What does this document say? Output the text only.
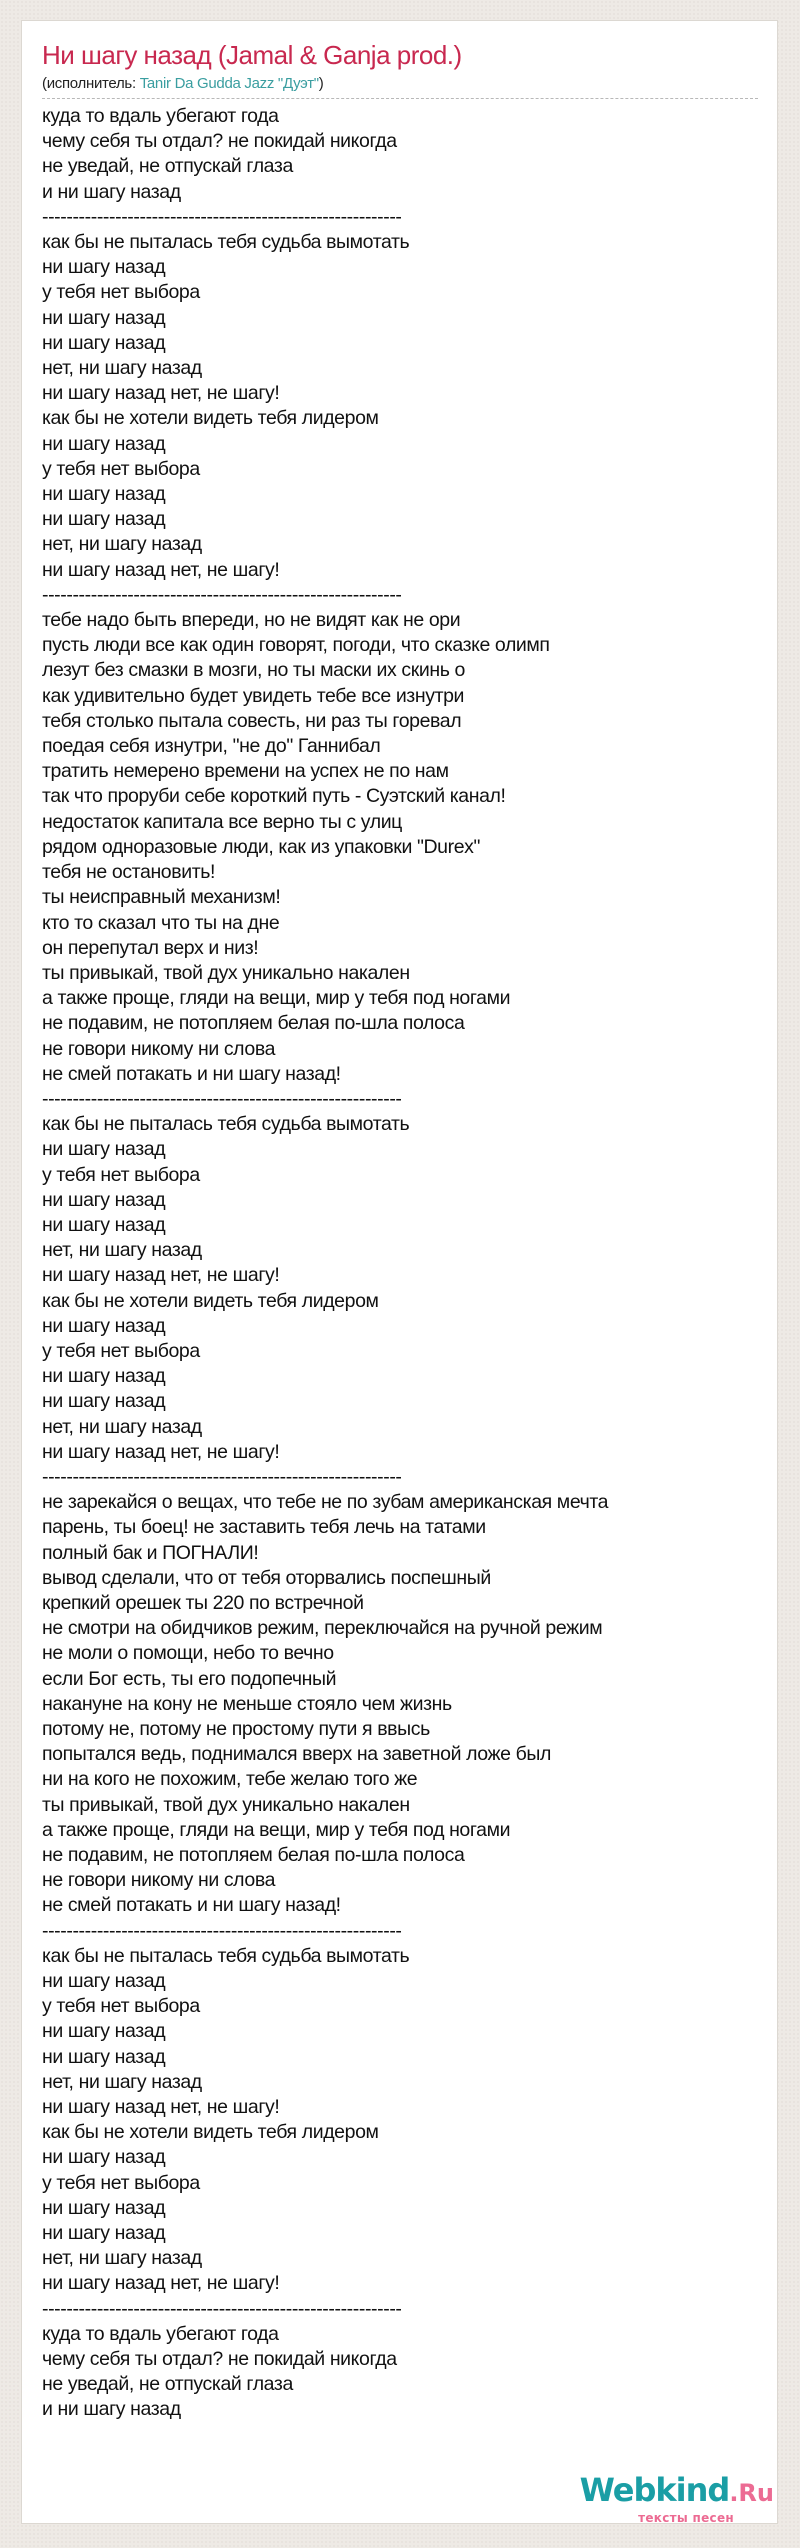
Ни шагу назад (Jamal & Ganja prod.)
(исполнитель: Tanir Da Gudda Jazz "Дуэт")
куда то вдаль убегают года
чему себя ты отдал? не покидай никогда
не уведай, не отпускай глаза
и ни шагу назад
-----------------------------------------------------------
как бы не пыталась тебя судьба вымотать
ни шагу назад
у тебя нет выбора
ни шагу назад
ни шагу назад
нет, ни шагу назад
ни шагу назад нет, не шагу!
как бы не хотели видеть тебя лидером
ни шагу назад
у тебя нет выбора
ни шагу назад
ни шагу назад
нет, ни шагу назад
ни шагу назад нет, не шагу!
-----------------------------------------------------------
тебе надо быть впереди, но не видят как не ори
пусть люди все как один говорят, погоди, что сказке олимп
лезут без смазки в мозги, но ты маски их скинь о
как удивительно будет увидеть тебе все изнутри
тебя столько пытала совесть, ни раз ты горевал
поедая себя изнутри, "не до" Ганнибал
тратить немерено времени на успех не по нам
так что проруби себе короткий путь - Суэтский канал!
недостаток капитала все верно ты с улиц
рядом одноразовые люди, как из упаковки "Durex"
тебя не остановить!
ты неисправный механизм!
кто то сказал что ты на дне
он перепутал верх и низ!
ты привыкай, твой дух уникально накален
а также проще, гляди на вещи, мир у тебя под ногами
не подавим, не потопляем белая по-шла полоса
не говори никому ни слова
не смей потакать и ни шагу назад!
-----------------------------------------------------------
как бы не пыталась тебя судьба вымотать
ни шагу назад
у тебя нет выбора
ни шагу назад
ни шагу назад
нет, ни шагу назад
ни шагу назад нет, не шагу!
как бы не хотели видеть тебя лидером
ни шагу назад
у тебя нет выбора
ни шагу назад
ни шагу назад
нет, ни шагу назад
ни шагу назад нет, не шагу!
-----------------------------------------------------------
не зарекайся о вещах, что тебе не по зубам американская мечта
парень, ты боец! не заставить тебя лечь на татами
полный бак и ПОГНАЛИ!
вывод сделали, что от тебя оторвались поспешный
крепкий орешек ты 220 по встречной
не смотри на обидчиков режим, переключайся на ручной режим
не моли о помощи, небо то вечно
если Бог есть, ты его подопечный
накануне на кону не меньше стояло чем жизнь
потому не, потому не простому пути я ввысь
попытался ведь, поднимался вверх на заветной ложе был
ни на кого не похожим, тебе желаю того же
ты привыкай, твой дух уникально накален
а также проще, гляди на вещи, мир у тебя под ногами
не подавим, не потопляем белая по-шла полоса
не говори никому ни слова
не смей потакать и ни шагу назад!
-----------------------------------------------------------
как бы не пыталась тебя судьба вымотать
ни шагу назад
у тебя нет выбора
ни шагу назад
ни шагу назад
нет, ни шагу назад
ни шагу назад нет, не шагу!
как бы не хотели видеть тебя лидером
ни шагу назад
у тебя нет выбора
ни шагу назад
ни шагу назад
нет, ни шагу назад
ни шагу назад нет, не шагу!
-----------------------------------------------------------
куда то вдаль убегают года
чему себя ты отдал? не покидай никогда
не уведай, не отпускай глаза
и ни шагу назад
Webkind .Ru
тексты песен
